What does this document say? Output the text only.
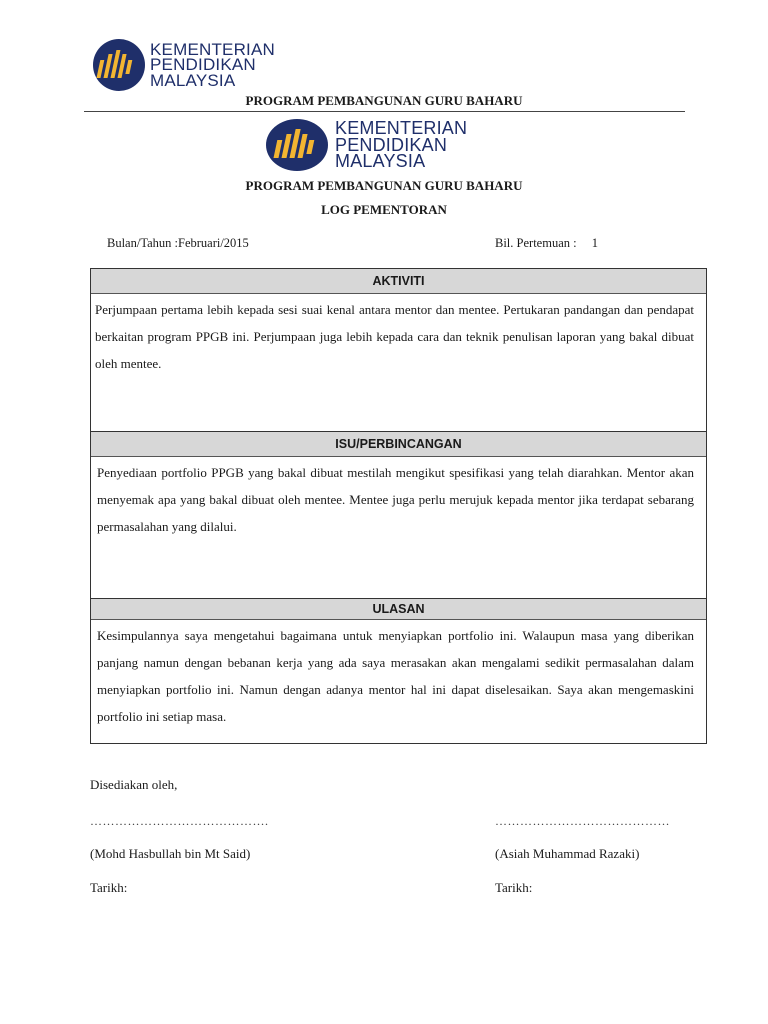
KEMENTERIAN
PENDIDIKAN
MALAYSIA
PROGRAM PEMBANGUNAN GURU BAHARU
KEMENTERIAN
PENDIDIKAN
MALAYSIA
PROGRAM PEMBANGUNAN GURU BAHARU
LOG PEMENTORAN
Bulan/Tahun :Februari/2015	Bil. Pertemuan : 1
AKTIVITI
Perjumpaan pertama lebih kepada sesi suai kenal antara mentor dan mentee. Pertukaran pandangan dan pendapat berkaitan program PPGB ini. Perjumpaan juga lebih kepada cara dan teknik penulisan laporan yang bakal dibuat oleh mentee.
ISU/PERBINCANGAN
Penyediaan portfolio PPGB yang bakal dibuat mestilah mengikut spesifikasi yang telah diarahkan. Mentor akan menyemak apa yang bakal dibuat oleh mentee. Mentee juga perlu merujuk kepada mentor jika terdapat sebarang permasalahan yang dilalui.
ULASAN
Kesimpulannya saya mengetahui bagaimana untuk menyiapkan portfolio ini. Walaupun masa yang diberikan panjang namun dengan bebanan kerja yang ada saya merasakan akan mengalami sedikit permasalahan dalam menyiapkan portfolio ini. Namun dengan adanya mentor hal ini dapat diselesaikan. Saya akan mengemaskini portfolio ini setiap masa.
Disediakan oleh,
…………………………………….	……………………………………
(Mohd Hasbullah bin Mt Said)	(Asiah Muhammad Razaki)
Tarikh:	Tarikh:
